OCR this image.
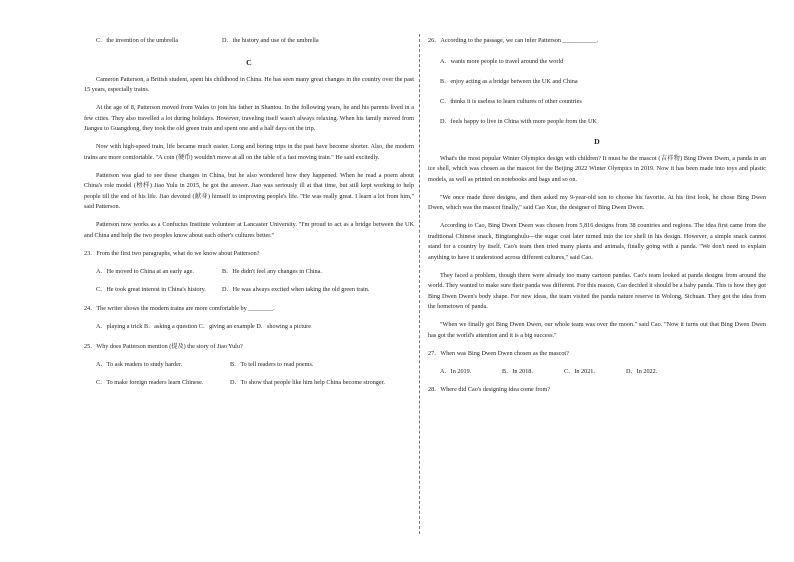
C．the invention of the umbrella	D．the history and use of the umbrella
C

Cameron Patterson, a British student, spent his childhood in China. He has seen many great changes in the country over the past 15 years, especially trains.

At the age of 8, Patterson moved from Wales to join his father in Shantou. In the following years, he and his parents lived in a few cities. They also travelled a lot during holidays. However, traveling itself wasn't always relaxing. When his family moved from Jiangsu to Guangdong, they took the old green train and spent one and a half days on the trip.

Now with high-speed train, life became much easier. Long and boring trips in the past have become shorter. Also, the modern trains are more comfortable. "A coin (硬币) wouldn't move at all on the table of a fast moving train." He said excitedly.

Patterson was glad to see these changes in China, but he also wondered how they happened. When he read a poem about China's role model (榜样) Jiao Yulu in 2015, he got the answer. Jiao was seriously ill at that time, but still kept working to help people till the end of his life. Jiao devoted (献身) himself to improving people's life. "He was really great. I learn a lot from him," said Patterson.

Patterson now works as a Confucius Institute volunteer at Lancaster University. "I'm proud to act as a bridge between the UK and China and help the two peoples know about each other's cultures better."

23．From the first two paragraphs, what do we know about Patterson?
A．He moved to China at an early age.	B．He didn't feel any changes in China.
C．He took great interest in China's history.	D．He was always excited when taking the old green train.
24．The writer shows the modern trains are more comfortable by ________.
A．playing a trick B．asking a question C．giving an example D．showing a picture
25．Why does Patterson mention (提及) the story of Jiao Yulu?
A．To ask readers to study harder.	B．To tell readers to read poems.
C．To make foreign readers learn Chinese.	D．To show that people like him help China become stronger.
26．According to the passage, we can infer Patterson ___________.
A．wants more people to travel around the world
B．enjoy acting as a bridge between the UK and China
C．thinks it is useless to learn cultures of other countries
D．feels happy to live in China with more people from the UK
D

What's the most popular Winter Olympics design with children? It must be the mascot (吉祥物) Bing Dwen Dwen, a panda in an ice shell, which was chosen as the mascot for the Beijing 2022 Winter Olympics in 2019. Now it has been made into toys and plastic models, as well as printed on notebooks and bags and so on.

"We once made three designs, and then asked my 9-year-old son to choose his favorite. At his first look, he chose Bing Dwen Dwen, which was the mascot finally," said Cao Xue, the designer of Bing Dwen Dwen.

According to Cao, Bing Dwen Dwen was chosen from 5,816 designs from 38 countries and regions. The idea first came from the traditional Chinese snack, Bingtanghulu—the sugar coat later turned into the ice shell in his design. However, a simple snack cannot stand for a country by itself. Cao's team then tried many plants and animals, finally going with a panda. "We don't need to explain anything to have it understood across different cultures," said Cao.

They faced a problem, though there were already too many cartoon pandas. Cao's team looked at panda designs from around the world. They wanted to make sure their panda was different. For this reason, Cao decided it should be a baby panda. This is how they got Bing Dwen Dwen's body shape. For new ideas, the team visited the panda nature reserve in Wolong, Sichuan. They got the idea from the hometown of panda.

"When we finally got Bing Dwen Dwen, our whole team was over the moon." said Cao. "Now it turns out that Bing Dwen Dwen has got the world's attention and it is a big success."

27．When was Bing Dwen Dwen chosen as the mascot?
A．In 2019.	B．In 2018.	C．In 2021.	D．In 2022.
28．Where did Cao's designing idea come from?
